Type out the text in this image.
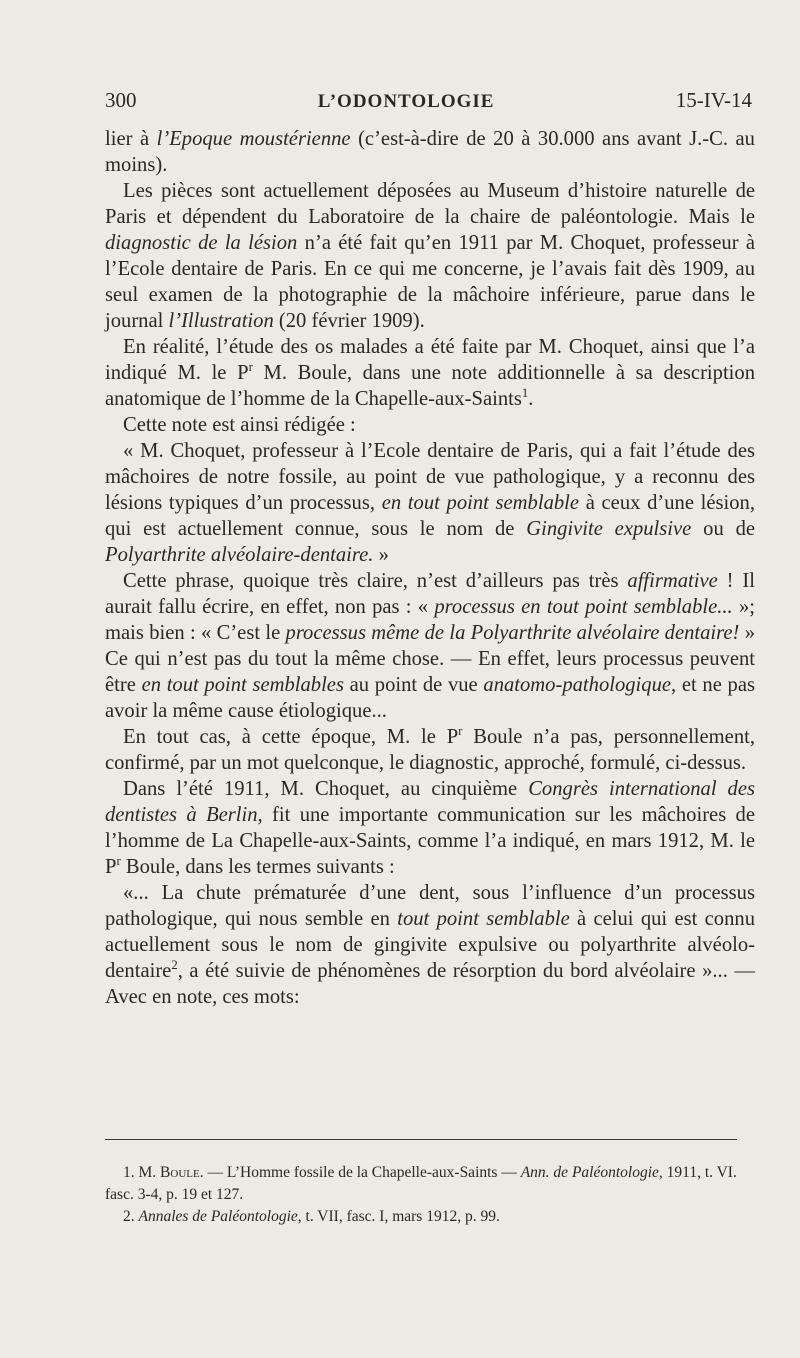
300	L’ODONTOLOGIE	15-IV-14

lier à l’Epoque moustérienne (c’est-à-dire de 20 à 30.000 ans avant J.-C. au moins).

Les pièces sont actuellement déposées au Museum d’histoire naturelle de Paris et dépendent du Laboratoire de la chaire de paléontologie. Mais le diagnostic de la lésion n’a été fait qu’en 1911 par M. Choquet, professeur à l’Ecole dentaire de Paris. En ce qui me concerne, je l’avais fait dès 1909, au seul examen de la photographie de la mâchoire inférieure, parue dans le journal l’Illustration (20 février 1909).

En réalité, l’étude des os malades a été faite par M. Choquet, ainsi que l’a indiqué M. le $P^r$ M. Boule, dans une note additionnelle à sa description anatomique de l’homme de la Chapelle-aux-Saints$^1$.

Cette note est ainsi rédigée :

« M. Choquet, professeur à l’Ecole dentaire de Paris, qui a fait l’étude des mâchoires de notre fossile, au point de vue pathologique, y a reconnu des lésions typiques d’un processus, en tout point semblable à ceux d’une lésion, qui est actuellement connue, sous le nom de Gingivite expulsive ou de Polyarthrite alvéolaire-dentaire. »

Cette phrase, quoique très claire, n’est d’ailleurs pas très affirmative ! Il aurait fallu écrire, en effet, non pas : « processus en tout point semblable... »; mais bien : « C’est le processus même de la Polyarthrite alvéolaire dentaire! » Ce qui n’est pas du tout la même chose. — En effet, leurs processus peuvent être en tout point semblables au point de vue anatomo-pathologique, et ne pas avoir la même cause étiologique...

En tout cas, à cette époque, M. le $P^r$ Boule n’a pas, personnellement, confirmé, par un mot quelconque, le diagnostic, approché, formulé, ci-dessus.

Dans l’été 1911, M. Choquet, au cinquième Congrès international des dentistes à Berlin, fit une importante communication sur les mâchoires de l’homme de La Chapelle-aux-Saints, comme l’a indiqué, en mars 1912, M. le $P^r$ Boule, dans les termes suivants :

«... La chute prématurée d’une dent, sous l’influence d’un processus pathologique, qui nous semble en tout point semblable à celui qui est connu actuellement sous le nom de gingivite expulsive ou polyarthrite alvéolo-dentaire$^2$, a été suivie de phénomènes de résorption du bord alvéolaire »... — Avec en note, ces mots:

1. M. Boule. — L’Homme fossile de la Chapelle-aux-Saints — Ann. de Paléontologie, 1911, t. VI. fasc. 3-4, p. 19 et 127.
2. Annales de Paléontologie, t. VII, fasc. I, mars 1912, p. 99.
